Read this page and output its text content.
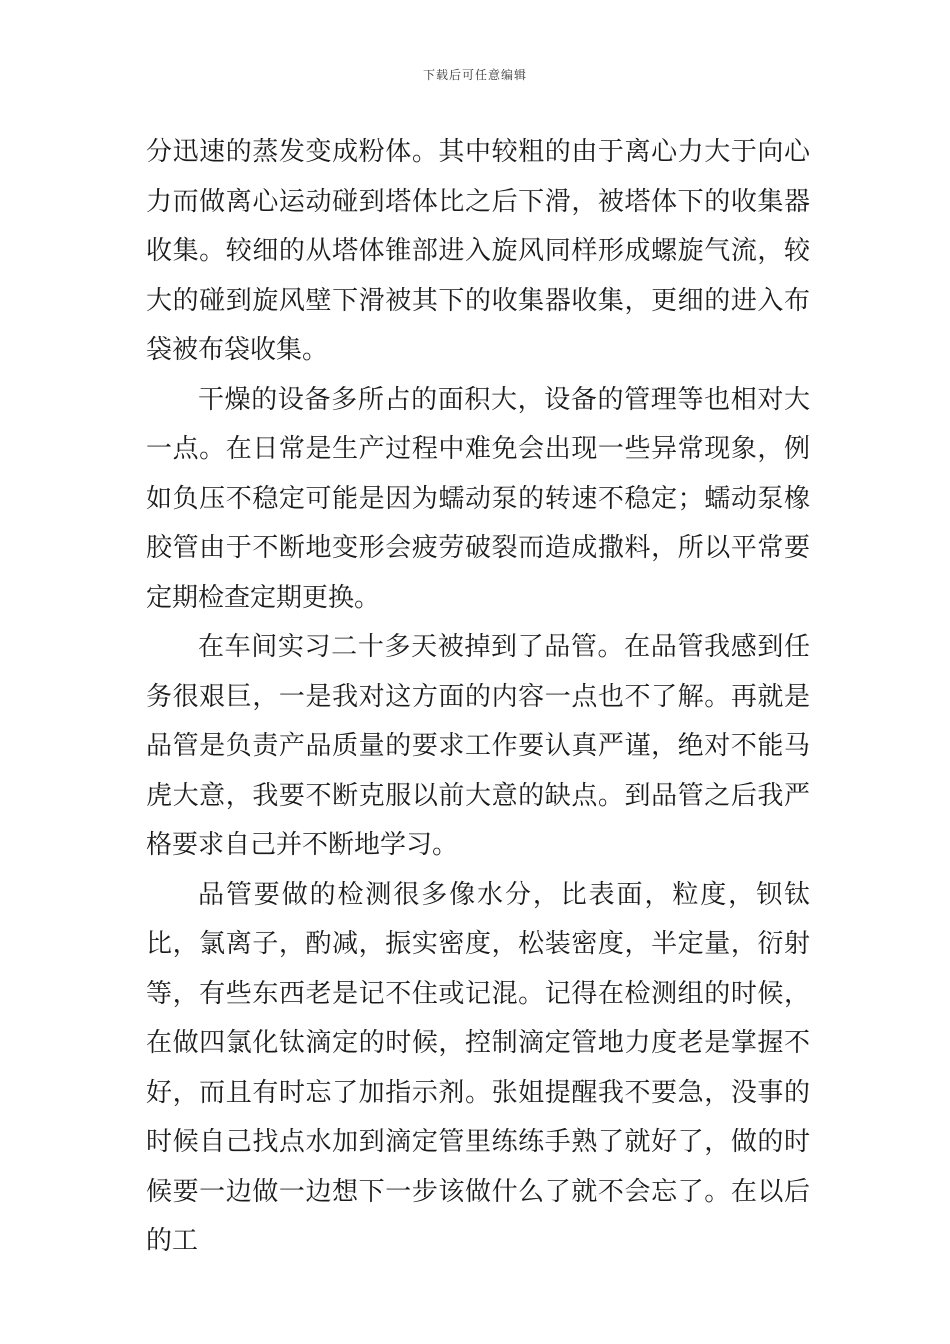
下载后可任意编辑

分迅速的蒸发变成粉体。其中较粗的由于离心力大于向心力而做离心运动碰到塔体比之后下滑，被塔体下的收集器收集。较细的从塔体锥部进入旋风同样形成螺旋气流，较大的碰到旋风壁下滑被其下的收集器收集，更细的进入布袋被布袋收集。

干燥的设备多所占的面积大，设备的管理等也相对大一点。在日常是生产过程中难免会出现一些异常现象，例如负压不稳定可能是因为蠕动泵的转速不稳定；蠕动泵橡胶管由于不断地变形会疲劳破裂而造成撒料，所以平常要定期检查定期更换。

在车间实习二十多天被掉到了品管。在品管我感到任务很艰巨，一是我对这方面的内容一点也不了解。再就是品管是负责产品质量的要求工作要认真严谨，绝对不能马虎大意，我要不断克服以前大意的缺点。到品管之后我严格要求自己并不断地学习。

品管要做的检测很多像水分，比表面，粒度，钡钛比，氯离子，酌减，振实密度，松装密度，半定量，衍射等，有些东西老是记不住或记混。记得在检测组的时候，在做四氯化钛滴定的时候，控制滴定管地力度老是掌握不好，而且有时忘了加指示剂。张姐提醒我不要急，没事的时候自己找点水加到滴定管里练练手熟了就好了，做的时候要一边做一边想下一步该做什么了就不会忘了。在以后的工
